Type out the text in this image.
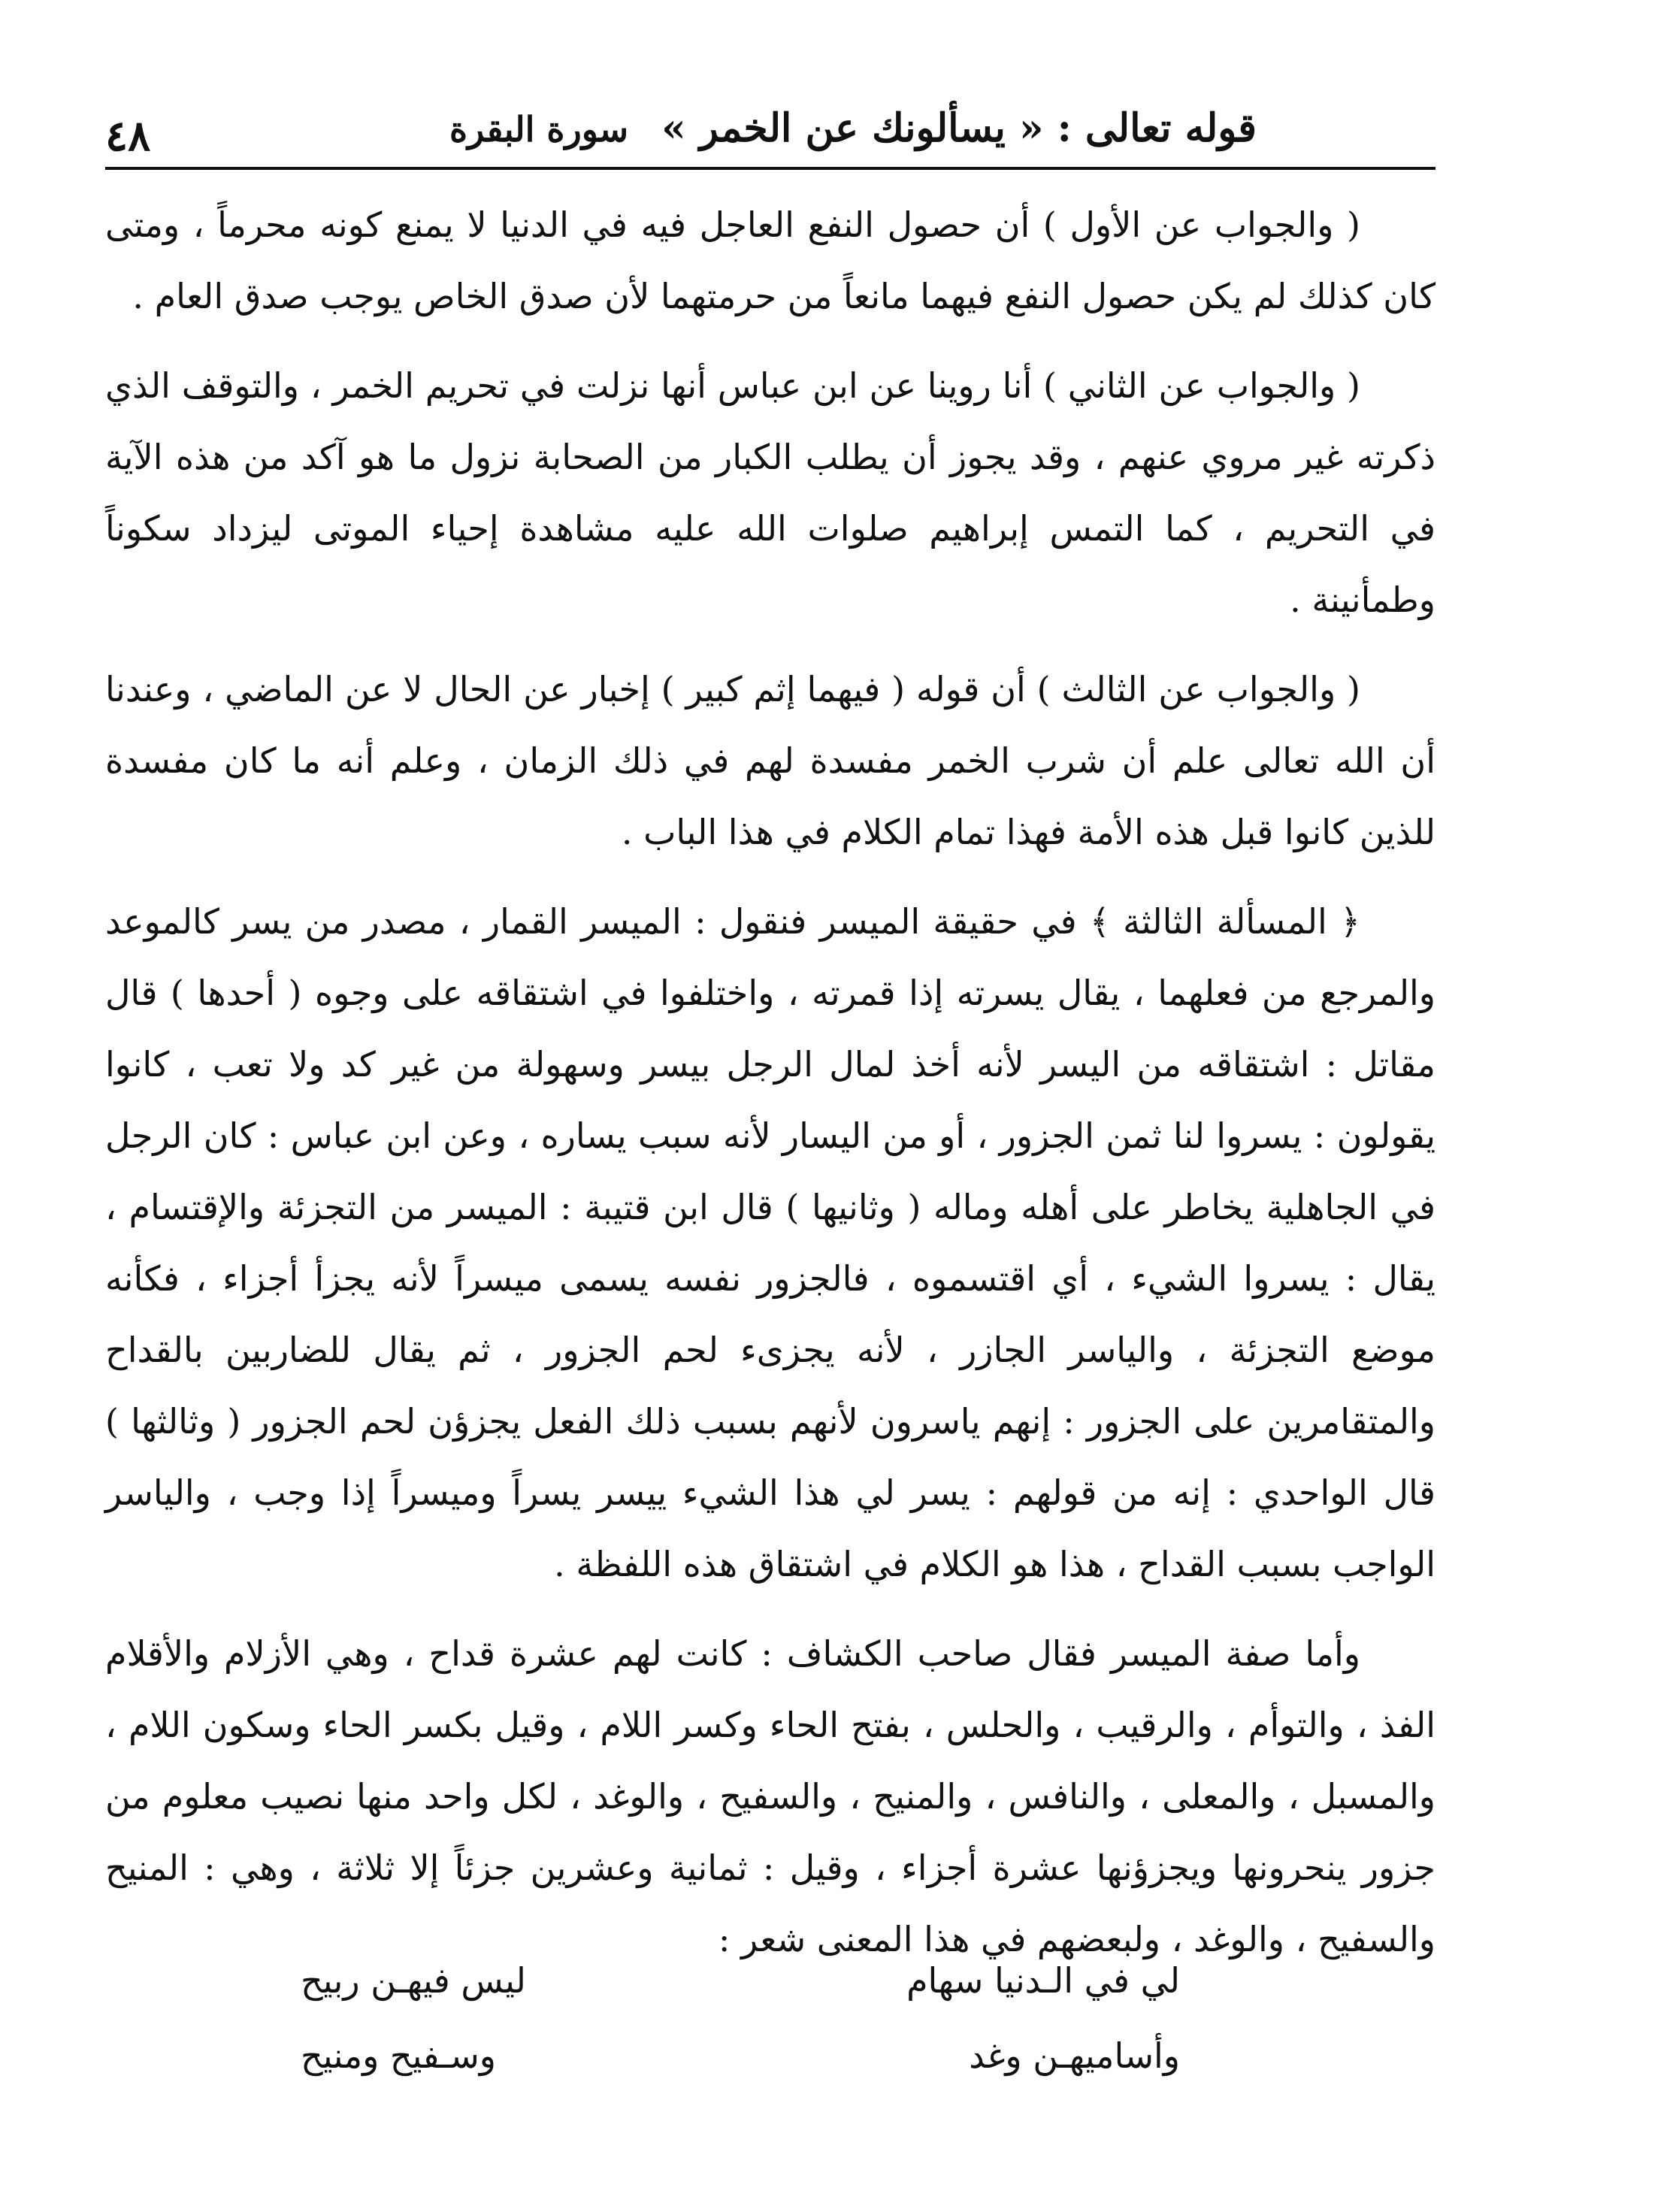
قوله تعالى : « يسألونك عن الخمر » سورة البقرة
٤٨

( والجواب عن الأول ) أن حصول النفع العاجل فيه في الدنيا لا يمنع كونه محرماً ، ومتى كان كذلك لم يكن حصول النفع فيهما مانعاً من حرمتهما لأن صدق الخاص يوجب صدق العام .

( والجواب عن الثاني ) أنا روينا عن ابن عباس أنها نزلت في تحريم الخمر ، والتوقف الذي ذكرته غير مروي عنهم ، وقد يجوز أن يطلب الكبار من الصحابة نزول ما هو آكد من هذه الآية في التحريم ، كما التمس إبراهيم صلوات الله عليه مشاهدة إحياء الموتى ليزداد سكوناً وطمأنينة .

( والجواب عن الثالث ) أن قوله ( فيهما إثم كبير ) إخبار عن الحال لا عن الماضي ، وعندنا أن الله تعالى علم أن شرب الخمر مفسدة لهم في ذلك الزمان ، وعلم أنه ما كان مفسدة للذين كانوا قبل هذه الأمة فهذا تمام الكلام في هذا الباب .

﴿ المسألة الثالثة ﴾ في حقيقة الميسر فنقول : الميسر القمار ، مصدر من يسر كالموعد والمرجع من فعلهما ، يقال يسرته إذا قمرته ، واختلفوا في اشتقاقه على وجوه ( أحدها ) قال مقاتل : اشتقاقه من اليسر لأنه أخذ لمال الرجل بيسر وسهولة من غير كد ولا تعب ، كانوا يقولون : يسروا لنا ثمن الجزور ، أو من اليسار لأنه سبب يساره ، وعن ابن عباس : كان الرجل في الجاهلية يخاطر على أهله وماله ( وثانيها ) قال ابن قتيبة : الميسر من التجزئة والإقتسام ، يقال : يسروا الشيء ، أي اقتسموه ، فالجزور نفسه يسمى ميسراً لأنه يجزأ أجزاء ، فكأنه موضع التجزئة ، والياسر الجازر ، لأنه يجزىء لحم الجزور ، ثم يقال للضاربين بالقداح والمتقامرين على الجزور : إنهم ياسرون لأنهم بسبب ذلك الفعل يجزؤن لحم الجزور ( وثالثها ) قال الواحدي : إنه من قولهم : يسر لي هذا الشيء ييسر يسراً وميسراً إذا وجب ، والياسر الواجب بسبب القداح ، هذا هو الكلام في اشتقاق هذه اللفظة .

وأما صفة الميسر فقال صاحب الكشاف : كانت لهم عشرة قداح ، وهي الأزلام والأقلام الفذ ، والتوأم ، والرقيب ، والحلس ، بفتح الحاء وكسر اللام ، وقيل بكسر الحاء وسكون اللام ، والمسبل ، والمعلى ، والنافس ، والمنيح ، والسفيح ، والوغد ، لكل واحد منها نصيب معلوم من جزور ينحرونها ويجزؤنها عشرة أجزاء ، وقيل : ثمانية وعشرين جزئاً إلا ثلاثة ، وهي : المنيح والسفيح ، والوغد ، ولبعضهم في هذا المعنى شعر :

لي في الـدنيا سهام
ليس فيهـن ربيح
وأساميهـن وغد
وسـفيح ومنيح
